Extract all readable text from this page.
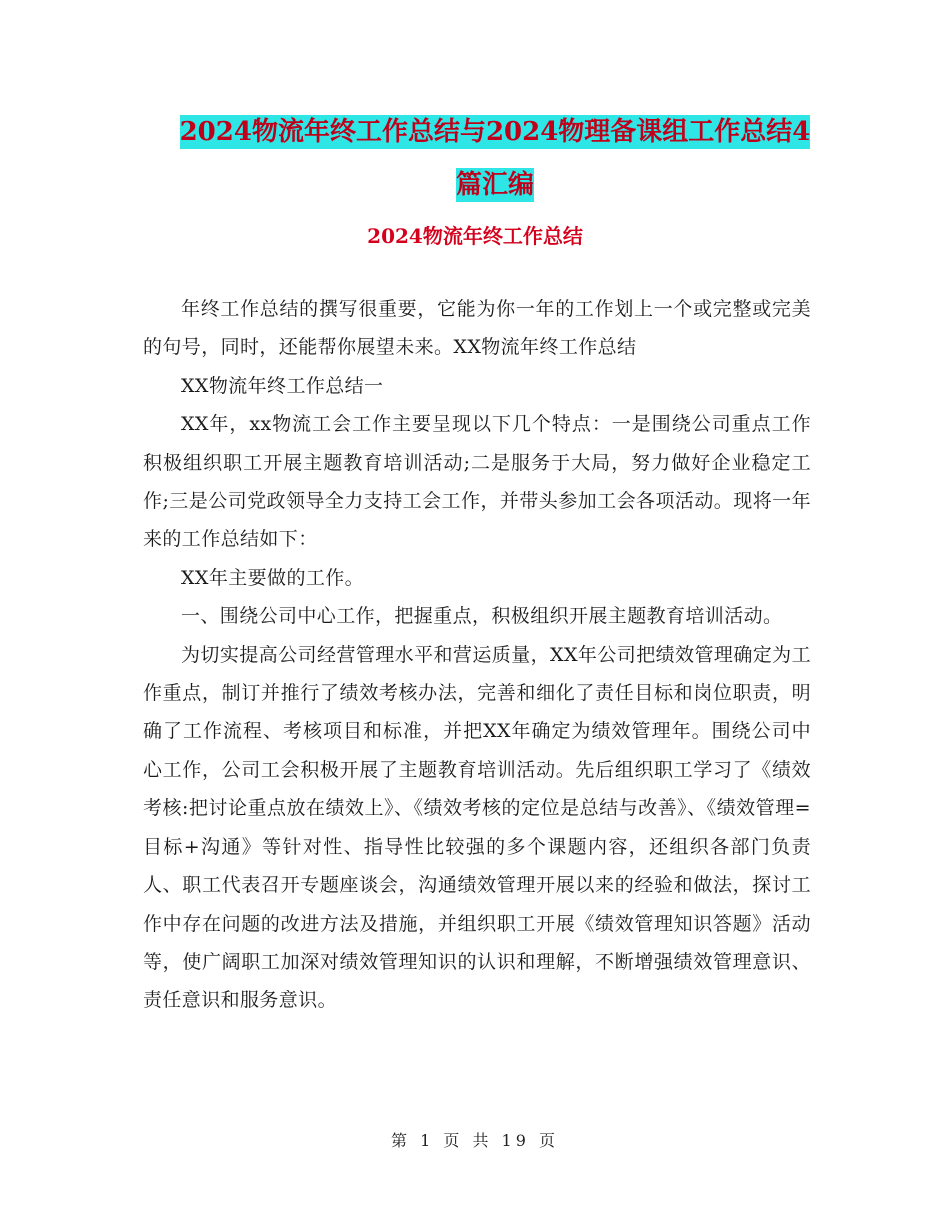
2024物流年终工作总结与2024物理备课组工作总结4
篇汇编
2024物流年终工作总结

年终工作总结的撰写很重要，它能为你一年的工作划上一个或完整或完美的句号，同时，还能帮你展望未来。XX物流年终工作总结

XX物流年终工作总结一

XX年，xx物流工会工作主要呈现以下几个特点：一是围绕公司重点工作积极组织职工开展主题教育培训活动;二是服务于大局，努力做好企业稳定工作;三是公司党政领导全力支持工会工作，并带头参加工会各项活动。现将一年来的工作总结如下：

XX年主要做的工作。

一、围绕公司中心工作，把握重点，积极组织开展主题教育培训活动。

为切实提高公司经营管理水平和营运质量，XX年公司把绩效管理确定为工作重点，制订并推行了绩效考核办法，完善和细化了责任目标和岗位职责，明确了工作流程、考核项目和标准，并把XX年确定为绩效管理年。围绕公司中心工作，公司工会积极开展了主题教育培训活动。先后组织职工学习了《绩效考核:把讨论重点放在绩效上》、《绩效考核的定位是总结与改善》、《绩效管理=目标+沟通》等针对性、指导性比较强的多个课题内容，还组织各部门负责人、职工代表召开专题座谈会，沟通绩效管理开展以来的经验和做法，探讨工作中存在问题的改进方法及措施，并组织职工开展《绩效管理知识答题》活动等，使广阔职工加深对绩效管理知识的认识和理解，不断增强绩效管理意识、责任意识和服务意识。

第 1 页 共 19 页
